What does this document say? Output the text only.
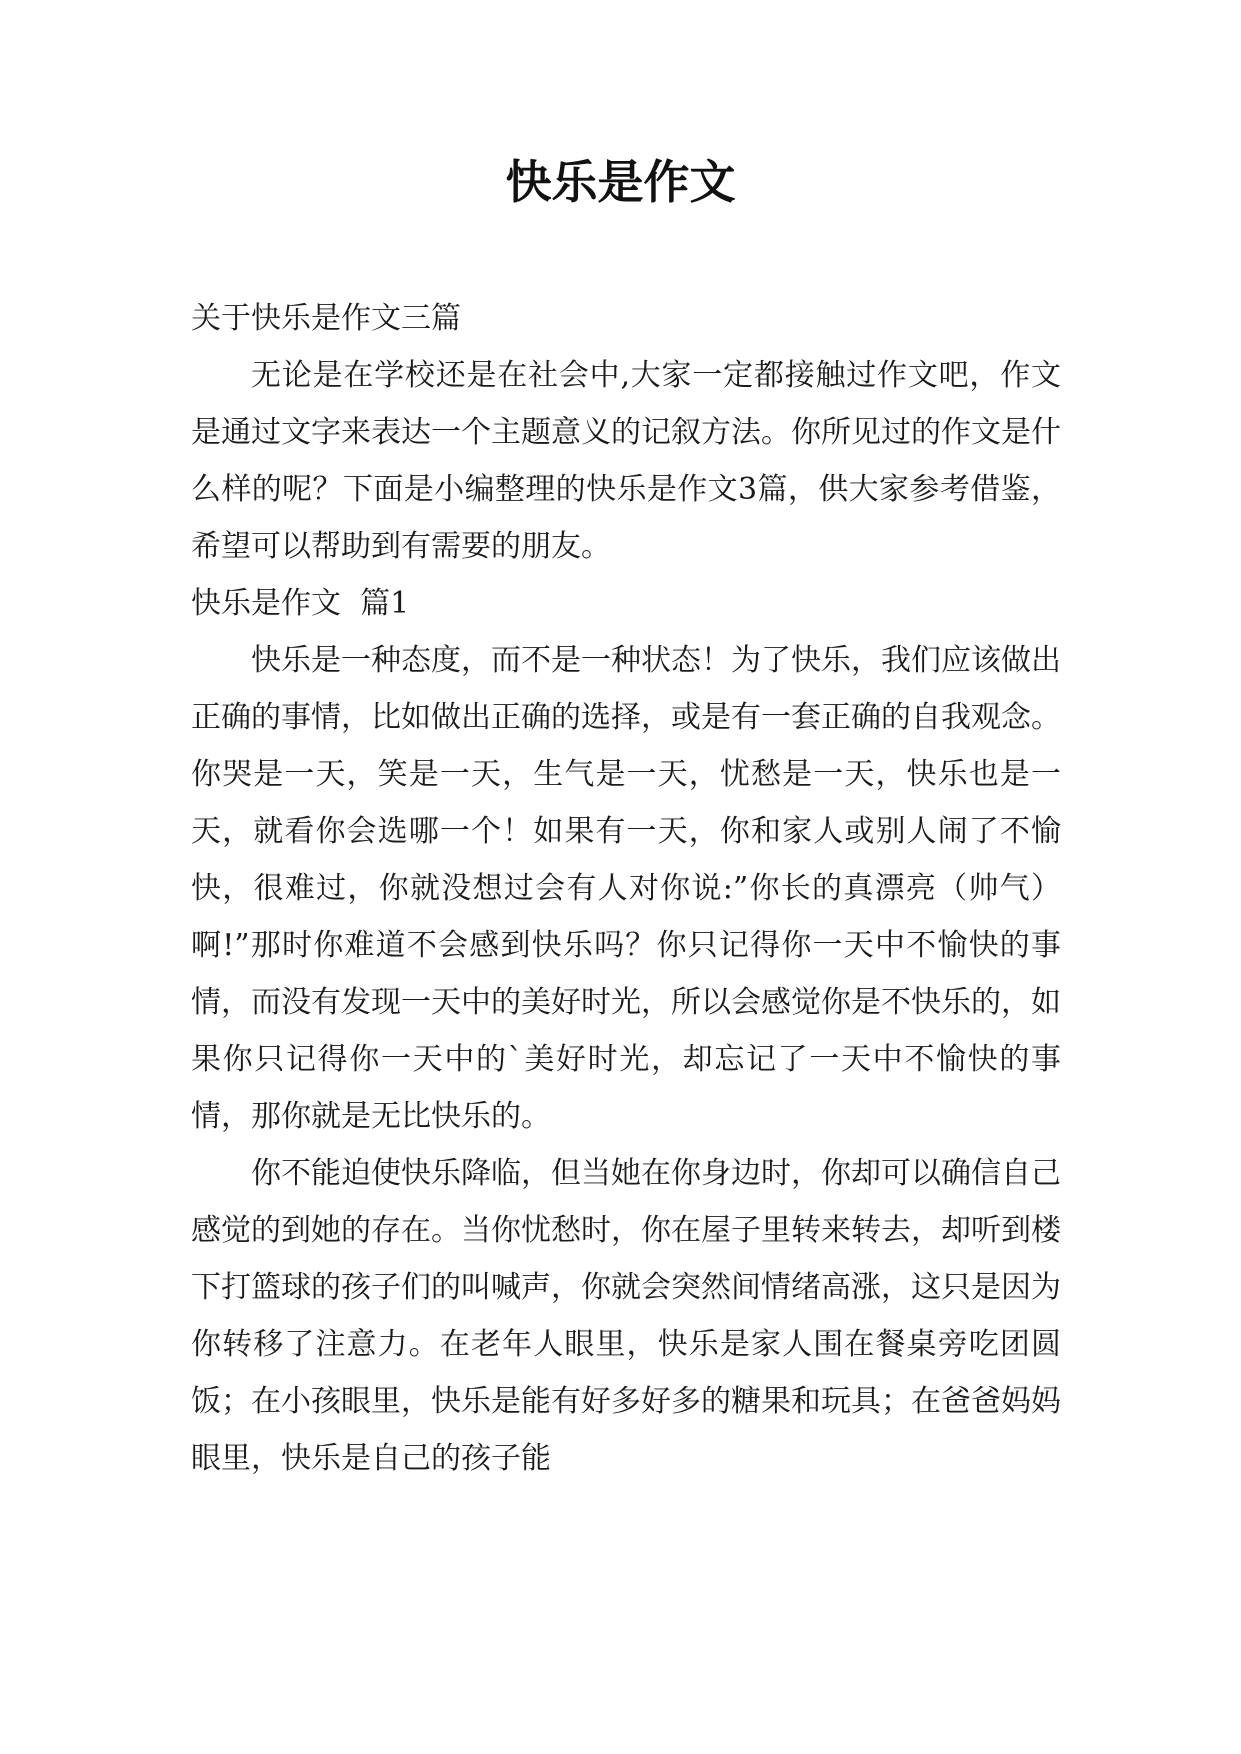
快乐是作文

关于快乐是作文三篇

无论是在学校还是在社会中,大家一定都接触过作文吧，作文是通过文字来表达一个主题意义的记叙方法。你所见过的作文是什么样的呢？下面是小编整理的快乐是作文3篇，供大家参考借鉴，希望可以帮助到有需要的朋友。

快乐是作文  篇1

快乐是一种态度，而不是一种状态！为了快乐，我们应该做出正确的事情，比如做出正确的选择，或是有一套正确的自我观念。你哭是一天，笑是一天，生气是一天，忧愁是一天，快乐也是一天，就看你会选哪一个！如果有一天，你和家人或别人闹了不愉快，很难过，你就没想过会有人对你说:”你长的真漂亮（帅气）啊!”那时你难道不会感到快乐吗？你只记得你一天中不愉快的事情，而没有发现一天中的美好时光，所以会感觉你是不快乐的，如果你只记得你一天中的`美好时光，却忘记了一天中不愉快的事情，那你就是无比快乐的。

你不能迫使快乐降临，但当她在你身边时，你却可以确信自己感觉的到她的存在。当你忧愁时，你在屋子里转来转去，却听到楼下打篮球的孩子们的叫喊声，你就会突然间情绪高涨，这只是因为你转移了注意力。在老年人眼里，快乐是家人围在餐桌旁吃团圆饭；在小孩眼里，快乐是能有好多好多的糖果和玩具；在爸爸妈妈眼里，快乐是自己的孩子能
